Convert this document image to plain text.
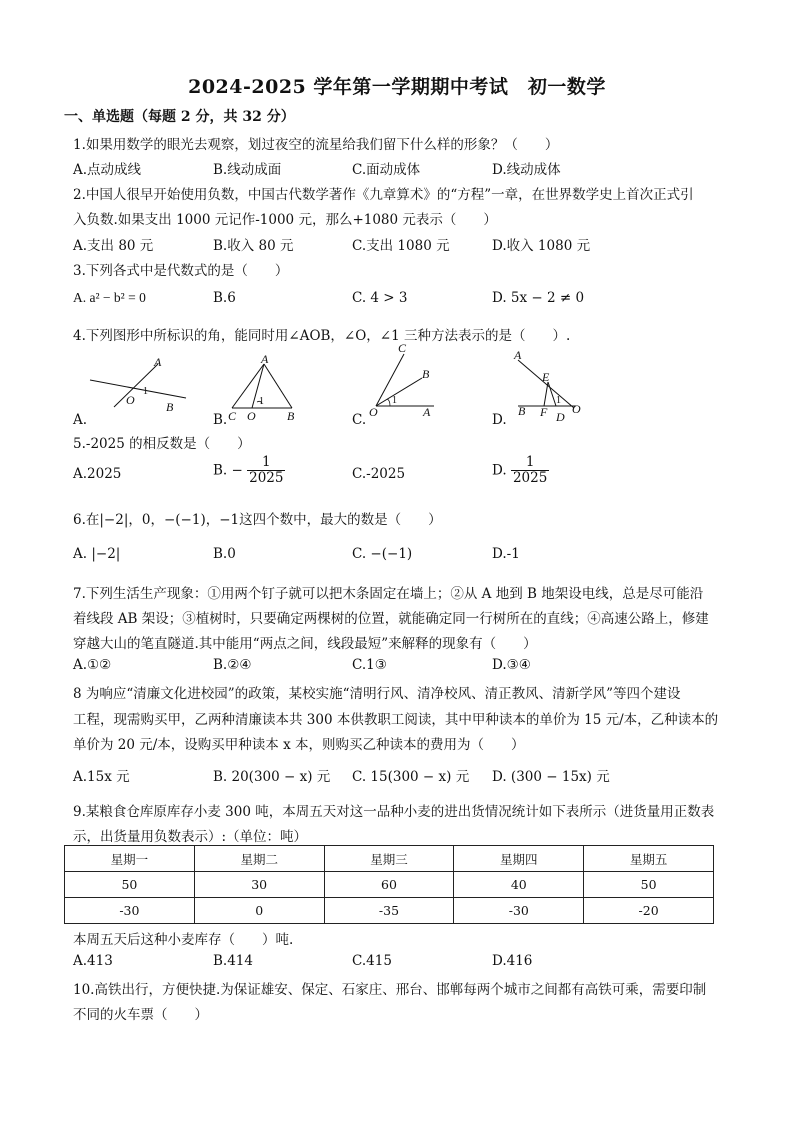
2024-2025 学年第一学期期中考试　初一数学
一、单选题（每题 2 分，共 32 分）
1.如果用数学的眼光去观察，划过夜空的流星给我们留下什么样的形象？（　　）
A.点动成线	B.线动成面	C.面动成体	D.线动成体
2.中国人很早开始使用负数，中国古代数学著作《九章算术》的“方程”一章，在世界数学史上首次正式引
入负数.如果支出 1000 元记作-1000 元，那么+1080 元表示（　　）
A.支出 80 元	B.收入 80 元	C.支出 1080 元	D.收入 1080 元
3.下列各式中是代数式的是（　　）
A. a² − b² = 0	B.6	C. 4 > 3	D. 5x − 2 ≠ 0
4.下列图形中所标识的角，能同时用∠AOB，∠O，∠1 三种方法表示的是（　　）.
A.	B.	C.	D.
A
1
O	B
A
1
C O	B
C
B
1
O	A
A
E
1
B F D
O
5.-2025 的相反数是（　　）
A.2025	B. − $\frac{1}{2025}$	C.-2025	D. $\frac{1}{2025}$
6.在|−2|，0，−(−1)，−1这四个数中，最大的数是（　　）
A. |−2|	B.0	C. −(−1)	D.-1
7.下列生活生产现象：①用两个钉子就可以把木条固定在墙上；②从 A 地到 B 地架设电线，总是尽可能沿
着线段 AB 架设；③植树时，只要确定两棵树的位置，就能确定同一行树所在的直线；④高速公路上，修建
穿越大山的笔直隧道.其中能用“两点之间，线段最短”来解释的现象有（　　）
A.①②	B.②④	C.1③	D.③④
8 为响应“清廉文化进校园”的政策，某校实施“清明行风、清净校风、清正教风、清新学风”等四个建设
工程，现需购买甲，乙两种清廉读本共 300 本供教职工阅读，其中甲种读本的单价为 15 元/本，乙种读本的
单价为 20 元/本，设购买甲种读本 x 本，则购买乙种读本的费用为（　　）
A.15x 元	B. 20(300 − x) 元 C. 15(300 − x) 元 D. (300 − 15x) 元
9.某粮食仓库原库存小麦 300 吨，本周五天对这一品种小麦的进出货情况统计如下表所示（进货量用正数表
示，出货量用负数表示）:（单位：吨）
星期一	星期二	星期三	星期四	星期五
50	30	60	40	50
-30	0	-35	-30	-20
本周五天后这种小麦库存（　　）吨.
A.413	B.414	C.415	D.416
10.高铁出行，方便快捷.为保证雄安、保定、石家庄、邢台、邯郸每两个城市之间都有高铁可乘，需要印制
不同的火车票（　　）
